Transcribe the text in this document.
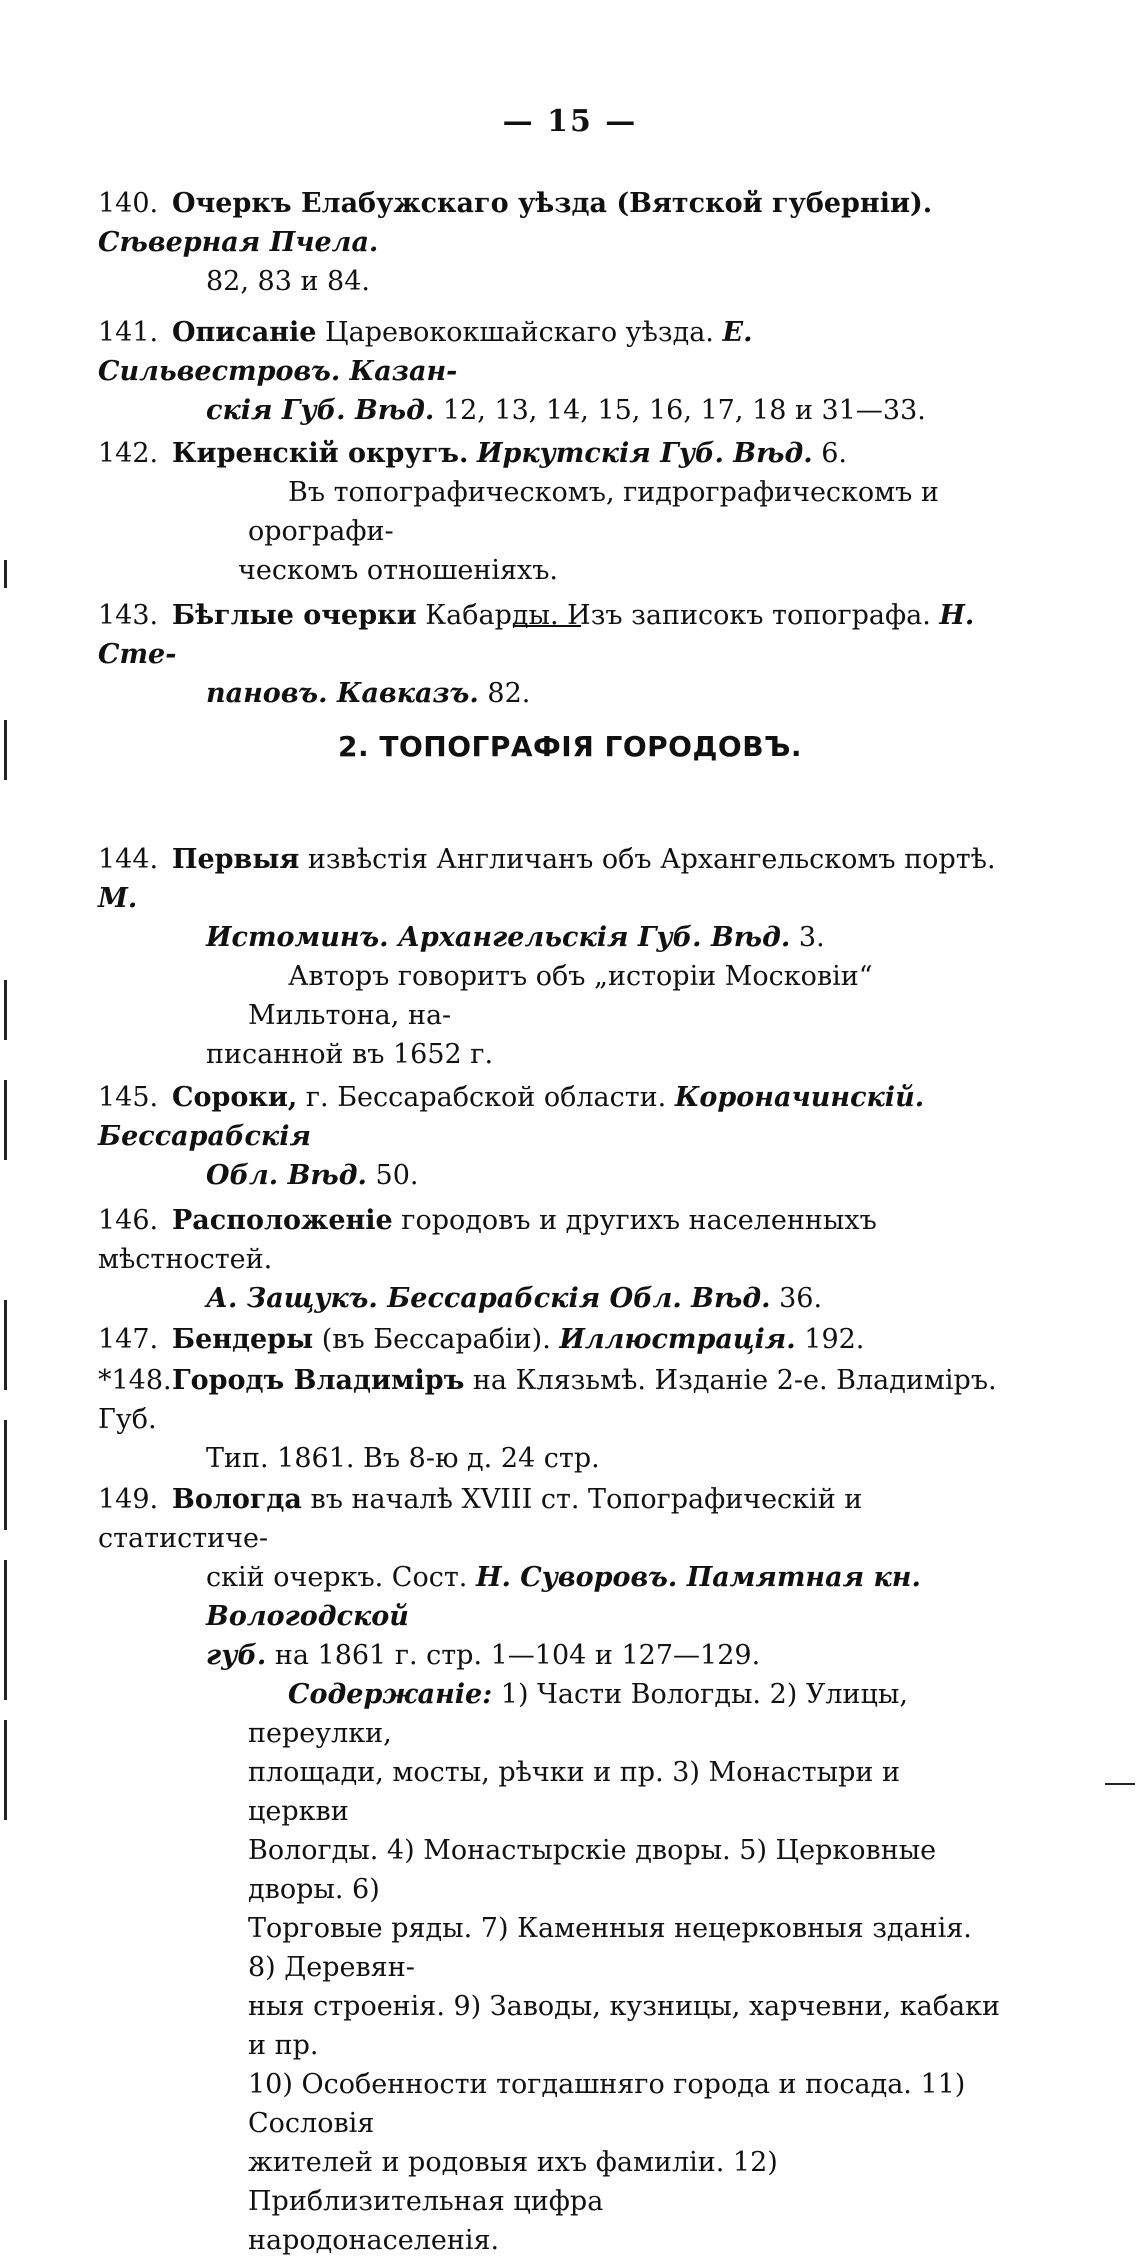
— 15 —
140. Очеркъ Елабужскаго уѣзда (Вятской губерніи). Сѣверная Пчела.
82, 83 и 84.
141. Описаніе Царевококшайскаго уѣзда. Е. Сильвестровъ. Казан-
скія Губ. Вѣд. 12, 13, 14, 15, 16, 17, 18 и 31—33.
142. Киренскій округъ. Иркутскія Губ. Вѣд. 6.
Въ топографическомъ, гидрографическомъ и орографи-
ческомъ отношеніяхъ.
143. Бѣглые очерки Кабарды. Изъ записокъ топографа. Н. Сте-
пановъ. Кавказъ. 82.
2. ТОПОГРАФІЯ ГОРОДОВЪ.
144. Первыя извѣстія Англичанъ объ Архангельскомъ портѣ. М.
Истоминъ. Архангельскія Губ. Вѣд. 3.
Авторъ говоритъ объ „исторіи Московіи“ Мильтона, на-
писанной въ 1652 г.
145. Сороки, г. Бессарабской области. Короначинскій. Бессарабскія
Обл. Вѣд. 50.
146. Расположеніе городовъ и другихъ населенныхъ мѣстностей.
А. Защукъ. Бессарабскія Обл. Вѣд. 36.
147. Бендеры (въ Бессарабіи). Иллюстрація. 192.
*148.Городъ Владиміръ на Клязьмѣ. Изданіе 2-е. Владиміръ. Губ.
Тип. 1861. Въ 8-ю д. 24 стр.
149. Вологда въ началѣ XVIII ст. Топографическій и статистиче-
скій очеркъ. Сост. Н. Суворовъ. Памятная кн. Вологодской
губ. на 1861 г. стр. 1—104 и 127—129.
Содержаніе: 1) Части Вологды. 2) Улицы, переулки,
площади, мосты, рѣчки и пр. 3) Монастыри и церкви
Вологды. 4) Монастырскіе дворы. 5) Церковные дворы. 6)
Торговые ряды. 7) Каменныя нецерковныя зданія. 8) Деревян-
ныя строенія. 9) Заводы, кузницы, харчевни, кабаки и пр.
10) Особенности тогдашняго города и посада. 11) Сословія
жителей и родовыя ихъ фамиліи. 12) Приблизительная цифра
народонаселенія.
